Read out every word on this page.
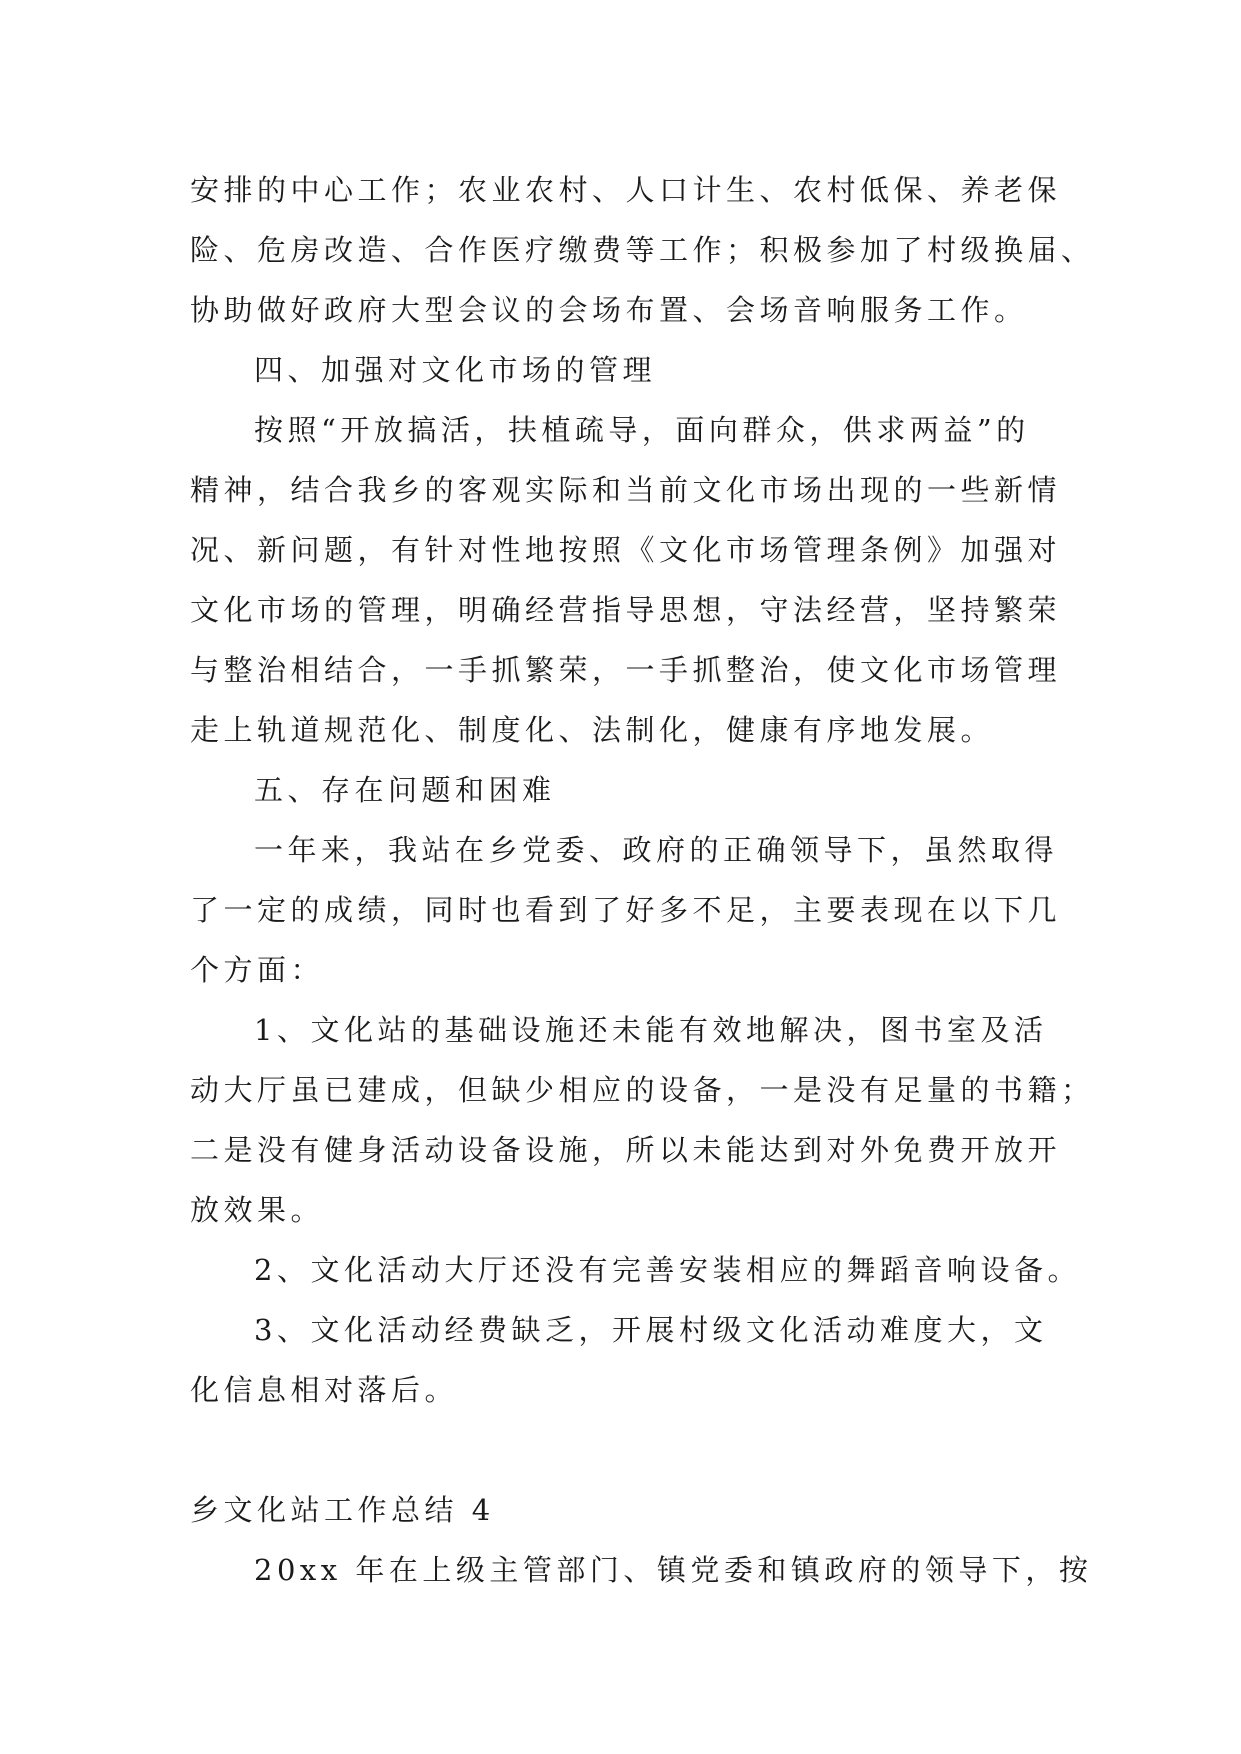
安排的中心工作；农业农村、人口计生、农村低保、养老保
险、危房改造、合作医疗缴费等工作；积极参加了村级换届、
协助做好政府大型会议的会场布置、会场音响服务工作。
四、加强对文化市场的管理
按照“开放搞活，扶植疏导，面向群众，供求两益”的
精神，结合我乡的客观实际和当前文化市场出现的一些新情
况、新问题，有针对性地按照《文化市场管理条例》加强对
文化市场的管理，明确经营指导思想，守法经营，坚持繁荣
与整治相结合，一手抓繁荣，一手抓整治，使文化市场管理
走上轨道规范化、制度化、法制化，健康有序地发展。
五、存在问题和困难
一年来，我站在乡党委、政府的正确领导下，虽然取得
了一定的成绩，同时也看到了好多不足，主要表现在以下几
个方面：
1、文化站的基础设施还未能有效地解决，图书室及活
动大厅虽已建成，但缺少相应的设备，一是没有足量的书籍；
二是没有健身活动设备设施，所以未能达到对外免费开放开
放效果。
2、文化活动大厅还没有完善安装相应的舞蹈音响设备。
3、文化活动经费缺乏，开展村级文化活动难度大，文
化信息相对落后。
乡文化站工作总结 4
20xx 年在上级主管部门、镇党委和镇政府的领导下，按
